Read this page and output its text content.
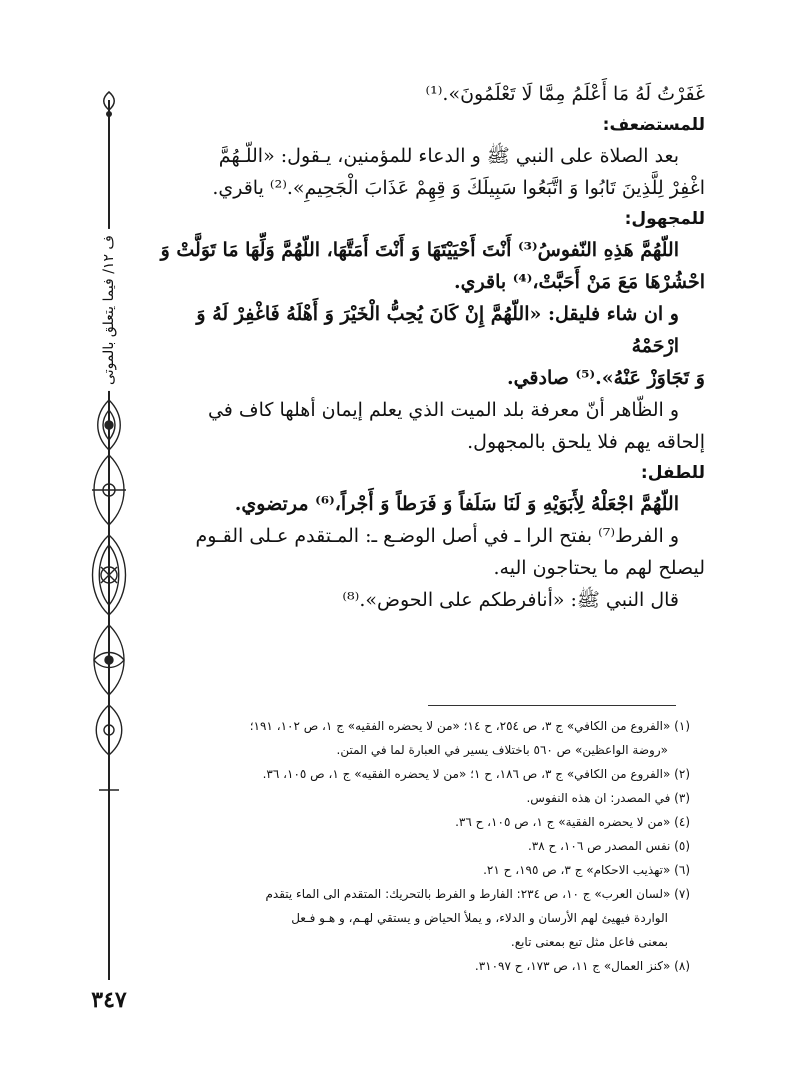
ف ١٢/ فيما يتعلق بالموتى
٣٤٧
غَفَرْتُ لَهُ مَا أَعْلَمُ مِمَّا لَا تَعْلَمُونَ».⁽¹⁾
للمستضعف:
بعد الصلاة على النبي ﷺ و الدعاء للمؤمنين، يـقول: «اللّـهُمَّ
اغْفِرْ لِلَّذِينَ تَابُوا وَ اتَّبَعُوا سَبِيلَكَ وَ قِهِمْ عَذَابَ الْجَحِيمِ».⁽²⁾ ياقري.
للمجهول:
اللّهُمَّ هَذِهِ النّفوسُ⁽³⁾ أَنْتَ أَحْيَيْتَهَا وَ أَنْتَ أَمَتَّهَا، اللّهُمَّ وَلِّهَا مَا تَوَلَّتْ وَ
احْشُرْهَا مَعَ مَنْ أَحَبَّتْ،⁽⁴⁾ باقري.
و ان شاء فليقل: «اللّهُمَّ إِنْ كَانَ يُحِبُّ الْخَيْرَ وَ أَهْلَهُ فَاغْفِرْ لَهُ وَ ارْحَمْهُ
وَ تَجَاوَزْ عَنْهُ».⁽⁵⁾ صادقي.
و الظّاهر أنّ معرفة بلد الميت الذي يعلم إيمان أهلها كاف في
إلحاقه يهم فلا يلحق بالمجهول.
للطفل:
اللّهُمَّ اجْعَلْهُ لِأَبَوَيْهِ وَ لَنَا سَلَفاً وَ فَرَطاً وَ أَجْراً،⁽⁶⁾ مرتضوي.
و الفرط⁽⁷⁾ بفتح الرا ـ في أصل الوضـع ـ: المـتقدم عـلى القـوم
ليصلح لهم ما يحتاجون اليه.
قال النبي ﷺ: «أنافرطكم على الحوض».⁽⁸⁾

(١) «الفروع من الكافي» ج ٣، ص ٢٥٤، ح ١٤؛ «من لا يحضره الفقيه» ج ١، ص ١٠٢، ١٩١؛

«روضة الواعظين» ص ٥٦٠ باختلاف يسير في العبارة لما في المتن.

(٢) «الفروع من الكافي» ج ٣، ص ١٨٦، ح ١؛ «من لا يحضره الفقيه» ج ١، ص ١٠٥، ٣٦.

(٣) في المصدر: ان هذه النفوس.

(٤) «من لا يحضره الفقية» ج ١، ص ١٠٥، ح ٣٦.

(٥) نفس المصدر ص ١٠٦، ح ٣٨.

(٦) «تهذيب الاحكام» ج ٣، ص ١٩٥، ح ٢١.

(٧) «لسان العرب» ج ١٠، ص ٢٣٤: الفارط و الفرط بالتحريك: المتقدم الى الماء يتقدم

الواردة فيهيئ لهم الأرسان و الدلاء، و يملأ الحياض و يستقي لهـم، و هـو فـعل

بمعنى فاعل مثل تبع بمعنى تابع.

(٨) «كنز العمال» ج ١١، ص ١٧٣، ح ٣١٠٩٧.
